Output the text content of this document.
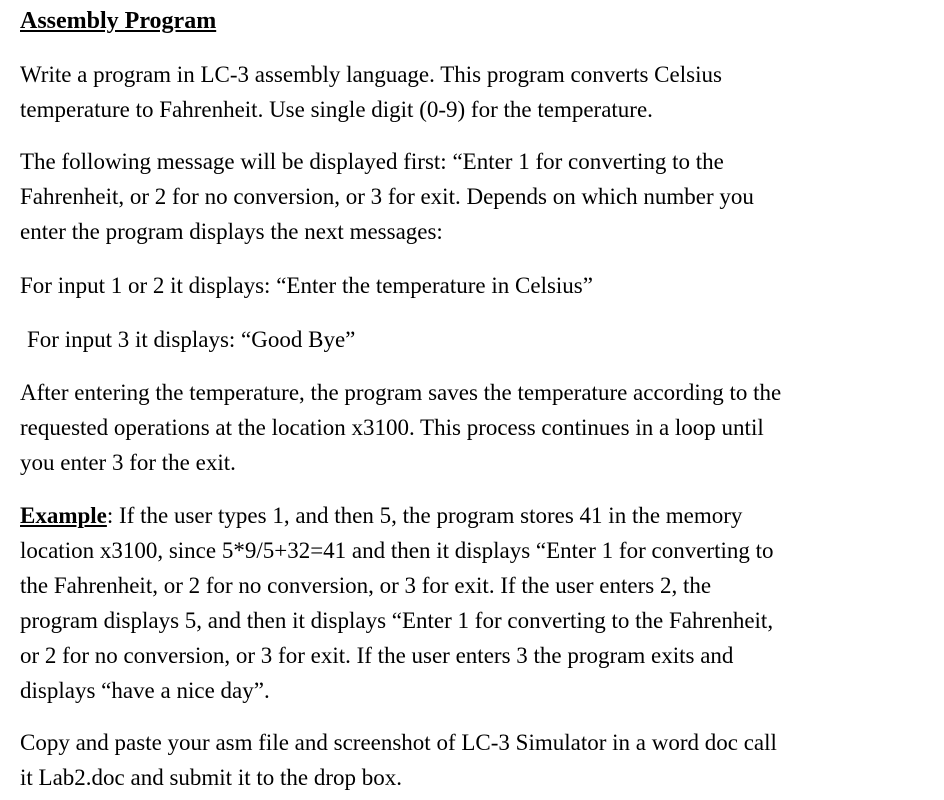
Assembly Program

Write a program in LC-3 assembly language. This program converts Celsius
temperature to Fahrenheit. Use single digit (0-9) for the temperature.

The following message will be displayed first: “Enter 1 for converting to the
Fahrenheit, or 2 for no conversion, or 3 for exit. Depends on which number you
enter the program displays the next messages:

For input 1 or 2 it displays: “Enter the temperature in Celsius”

For input 3 it displays: “Good Bye”

After entering the temperature, the program saves the temperature according to the
requested operations at the location x3100. This process continues in a loop until
you enter 3 for the exit.

Example: If the user types 1, and then 5, the program stores 41 in the memory
location x3100, since 5*9/5+32=41 and then it displays “Enter 1 for converting to
the Fahrenheit, or 2 for no conversion, or 3 for exit. If the user enters 2, the
program displays 5, and then it displays “Enter 1 for converting to the Fahrenheit,
or 2 for no conversion, or 3 for exit. If the user enters 3 the program exits and
displays “have a nice day”.

Copy and paste your asm file and screenshot of LC-3 Simulator in a word doc call
it Lab2.doc and submit it to the drop box.
